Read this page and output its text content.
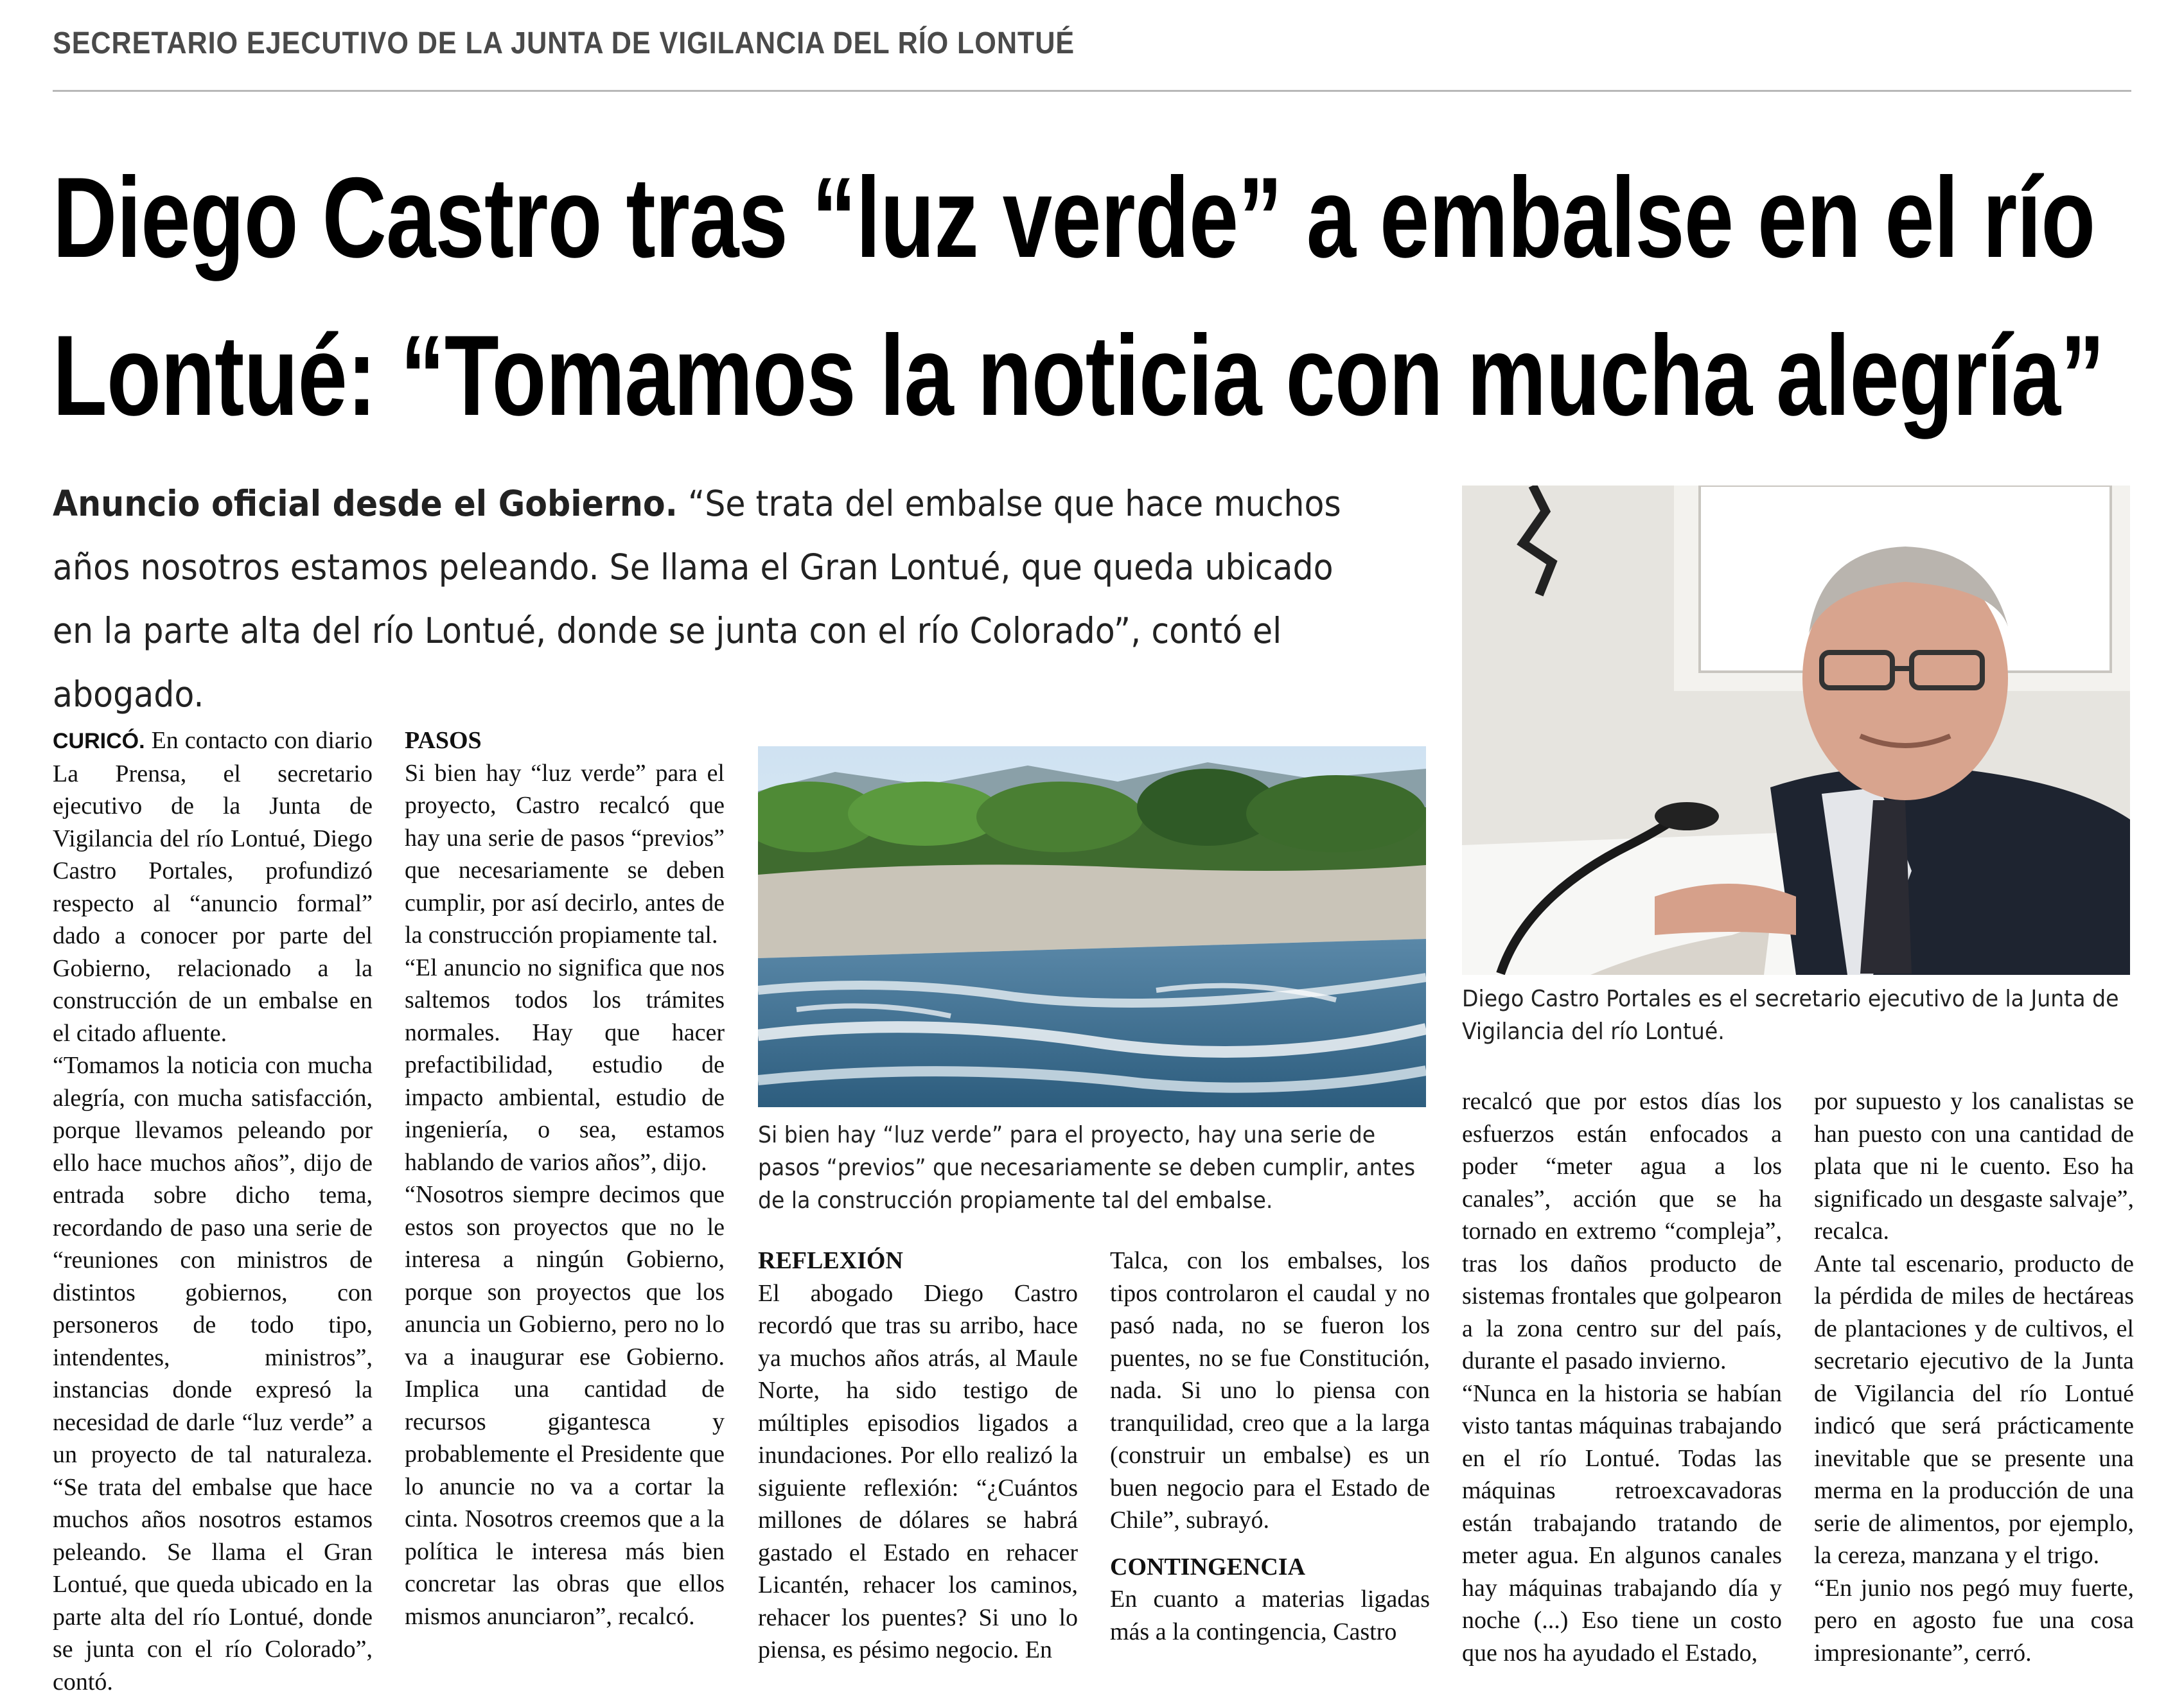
SECRETARIO EJECUTIVO DE LA JUNTA DE VIGILANCIA DEL RÍO LONTUÉ
Diego Castro tras “luz verde” a embalse en el río
Lontué: “Tomamos la noticia con mucha alegría”
Anuncio oficial desde el Gobierno. “Se trata del embalse que hace muchos años nosotros estamos peleando. Se llama el Gran Lontué, que queda ubicado en la parte alta del río Lontué, donde se junta con el río Colorado”, contó el abogado.

CURICÓ. En contacto con diario La Prensa, el secretario ejecutivo de la Junta de Vigilancia del río Lontué, Diego Castro Portales, profundizó respecto al “anuncio formal” dado a conocer por parte del Gobierno, relacionado a la construcción de un embalse en el citado afluente.

“Tomamos la noticia con mucha alegría, con mucha satisfacción, porque llevamos peleando por ello hace muchos años”, dijo de entrada sobre dicho tema, recordando de paso una serie de “reuniones con ministros de distintos gobiernos, con personeros de todo tipo, intendentes, ministros”, instancias donde expresó la necesidad de darle “luz verde” a un proyecto de tal naturaleza. “Se trata del embalse que hace muchos años nosotros estamos peleando. Se llama el Gran Lontué, que queda ubicado en la parte alta del río Lontué, donde se junta con el río Colorado”, contó.

PASOS

Si bien hay “luz verde” para el proyecto, Castro recalcó que hay una serie de pasos “previos” que necesariamente se deben cumplir, por así decirlo, antes de la construcción propiamente tal.

“El anuncio no significa que nos saltemos todos los trámites normales. Hay que hacer prefactibilidad, estudio de impacto ambiental, estudio de ingeniería, o sea, estamos hablando de varios años”, dijo.

“Nosotros siempre decimos que estos son proyectos que no le interesa a ningún Gobierno, porque son proyectos que los anuncia un Gobierno, pero no lo va a inaugurar ese Gobierno. Implica una cantidad de recursos gigantesca y probablemente el Presidente que lo anuncie no va a cortar la cinta. Nosotros creemos que a la política le interesa más bien concretar las obras que ellos mismos anunciaron”, recalcó.

Si bien hay “luz verde” para el proyecto, hay una serie de pasos “previos” que necesariamente se deben cumplir, antes de la construcción propiamente tal del embalse.

REFLEXIÓN

El abogado Diego Castro recordó que tras su arribo, hace ya muchos años atrás, al Maule Norte, ha sido testigo de múltiples episodios ligados a inundaciones. Por ello realizó la siguiente reflexión: “¿Cuántos millones de dólares se habrá gastado el Estado en rehacer Licantén, rehacer los caminos, rehacer los puentes? Si uno lo piensa, es pésimo negocio. En

Talca, con los embalses, los tipos controlaron el caudal y no pasó nada, no se fueron los puentes, no se fue Constitución, nada. Si uno lo piensa con tranquilidad, creo que a la larga (construir un embalse) es un buen negocio para el Estado de Chile”, subrayó.

CONTINGENCIA

En cuanto a materias ligadas más a la contingencia, Castro

Diego Castro Portales es el secretario ejecutivo de la Junta de Vigilancia del río Lontué.

recalcó que por estos días los esfuerzos están enfocados a poder “meter agua a los canales”, acción que se ha tornado en extremo “compleja”, tras los daños producto de sistemas frontales que golpearon a la zona centro sur del país, durante el pasado invierno.

“Nunca en la historia se habían visto tantas máquinas trabajando en el río Lontué. Todas las máquinas retroexcavadoras están trabajando tratando de meter agua. En algunos canales hay máquinas trabajando día y noche (...) Eso tiene un costo que nos ha ayudado el Estado,

por supuesto y los canalistas se han puesto con una cantidad de plata que ni le cuento. Eso ha significado un desgaste salvaje”, recalca.

Ante tal escenario, producto de la pérdida de miles de hectáreas de plantaciones y de cultivos, el secretario ejecutivo de la Junta de Vigilancia del río Lontué indicó que será prácticamente inevitable que se presente una merma en la producción de una serie de alimentos, por ejemplo, la cereza, manzana y el trigo.

“En junio nos pegó muy fuerte, pero en agosto fue una cosa impresionante”, cerró.
